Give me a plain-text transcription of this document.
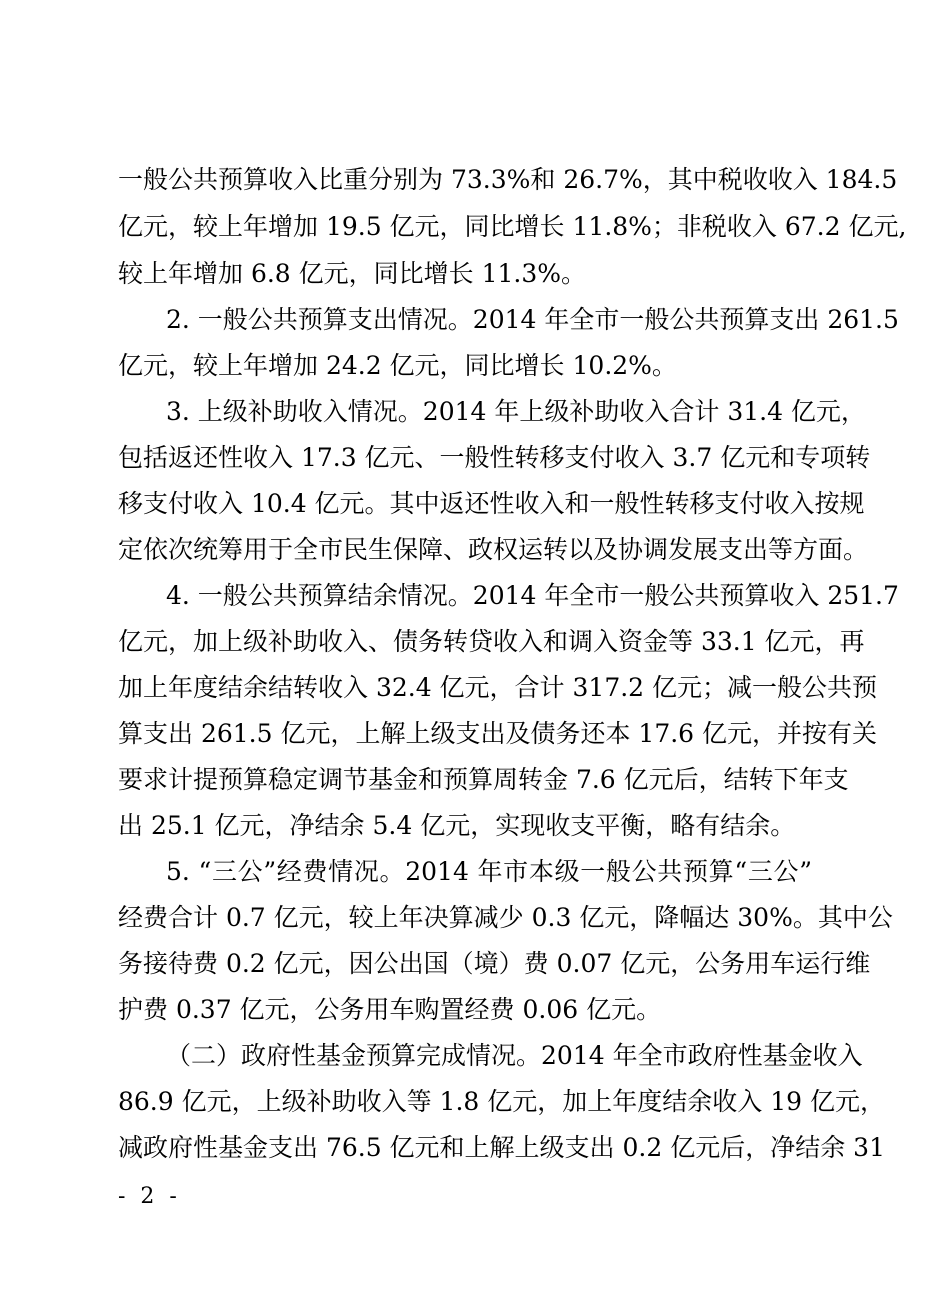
一般公共预算收入比重分别为 73.3%和 26.7%，其中税收收入 184.5
亿元，较上年增加 19.5 亿元，同比增长 11.8%；非税收入 67.2 亿元,
较上年增加 6.8 亿元，同比增长 11.3%。
2. 一般公共预算支出情况。2014 年全市一般公共预算支出 261.5
亿元，较上年增加 24.2 亿元，同比增长 10.2%。
3. 上级补助收入情况。2014 年上级补助收入合计 31.4 亿元，
包括返还性收入 17.3 亿元、一般性转移支付收入 3.7 亿元和专项转
移支付收入 10.4 亿元。其中返还性收入和一般性转移支付收入按规
定依次统筹用于全市民生保障、政权运转以及协调发展支出等方面。
4. 一般公共预算结余情况。2014 年全市一般公共预算收入 251.7
亿元，加上级补助收入、债务转贷收入和调入资金等 33.1 亿元，再
加上年度结余结转收入 32.4 亿元，合计 317.2 亿元；减一般公共预
算支出 261.5 亿元，上解上级支出及债务还本 17.6 亿元，并按有关
要求计提预算稳定调节基金和预算周转金 7.6 亿元后，结转下年支
出 25.1 亿元，净结余 5.4 亿元，实现收支平衡，略有结余。
5. “三公”经费情况。2014 年市本级一般公共预算“三公”
经费合计 0.7 亿元，较上年决算减少 0.3 亿元，降幅达 30%。其中公
务接待费 0.2 亿元，因公出国（境）费 0.07 亿元，公务用车运行维
护费 0.37 亿元，公务用车购置经费 0.06 亿元。
（二）政府性基金预算完成情况。2014 年全市政府性基金收入
86.9 亿元，上级补助收入等 1.8 亿元，加上年度结余收入 19 亿元，
减政府性基金支出 76.5 亿元和上解上级支出 0.2 亿元后，净结余 31
- 2 -
